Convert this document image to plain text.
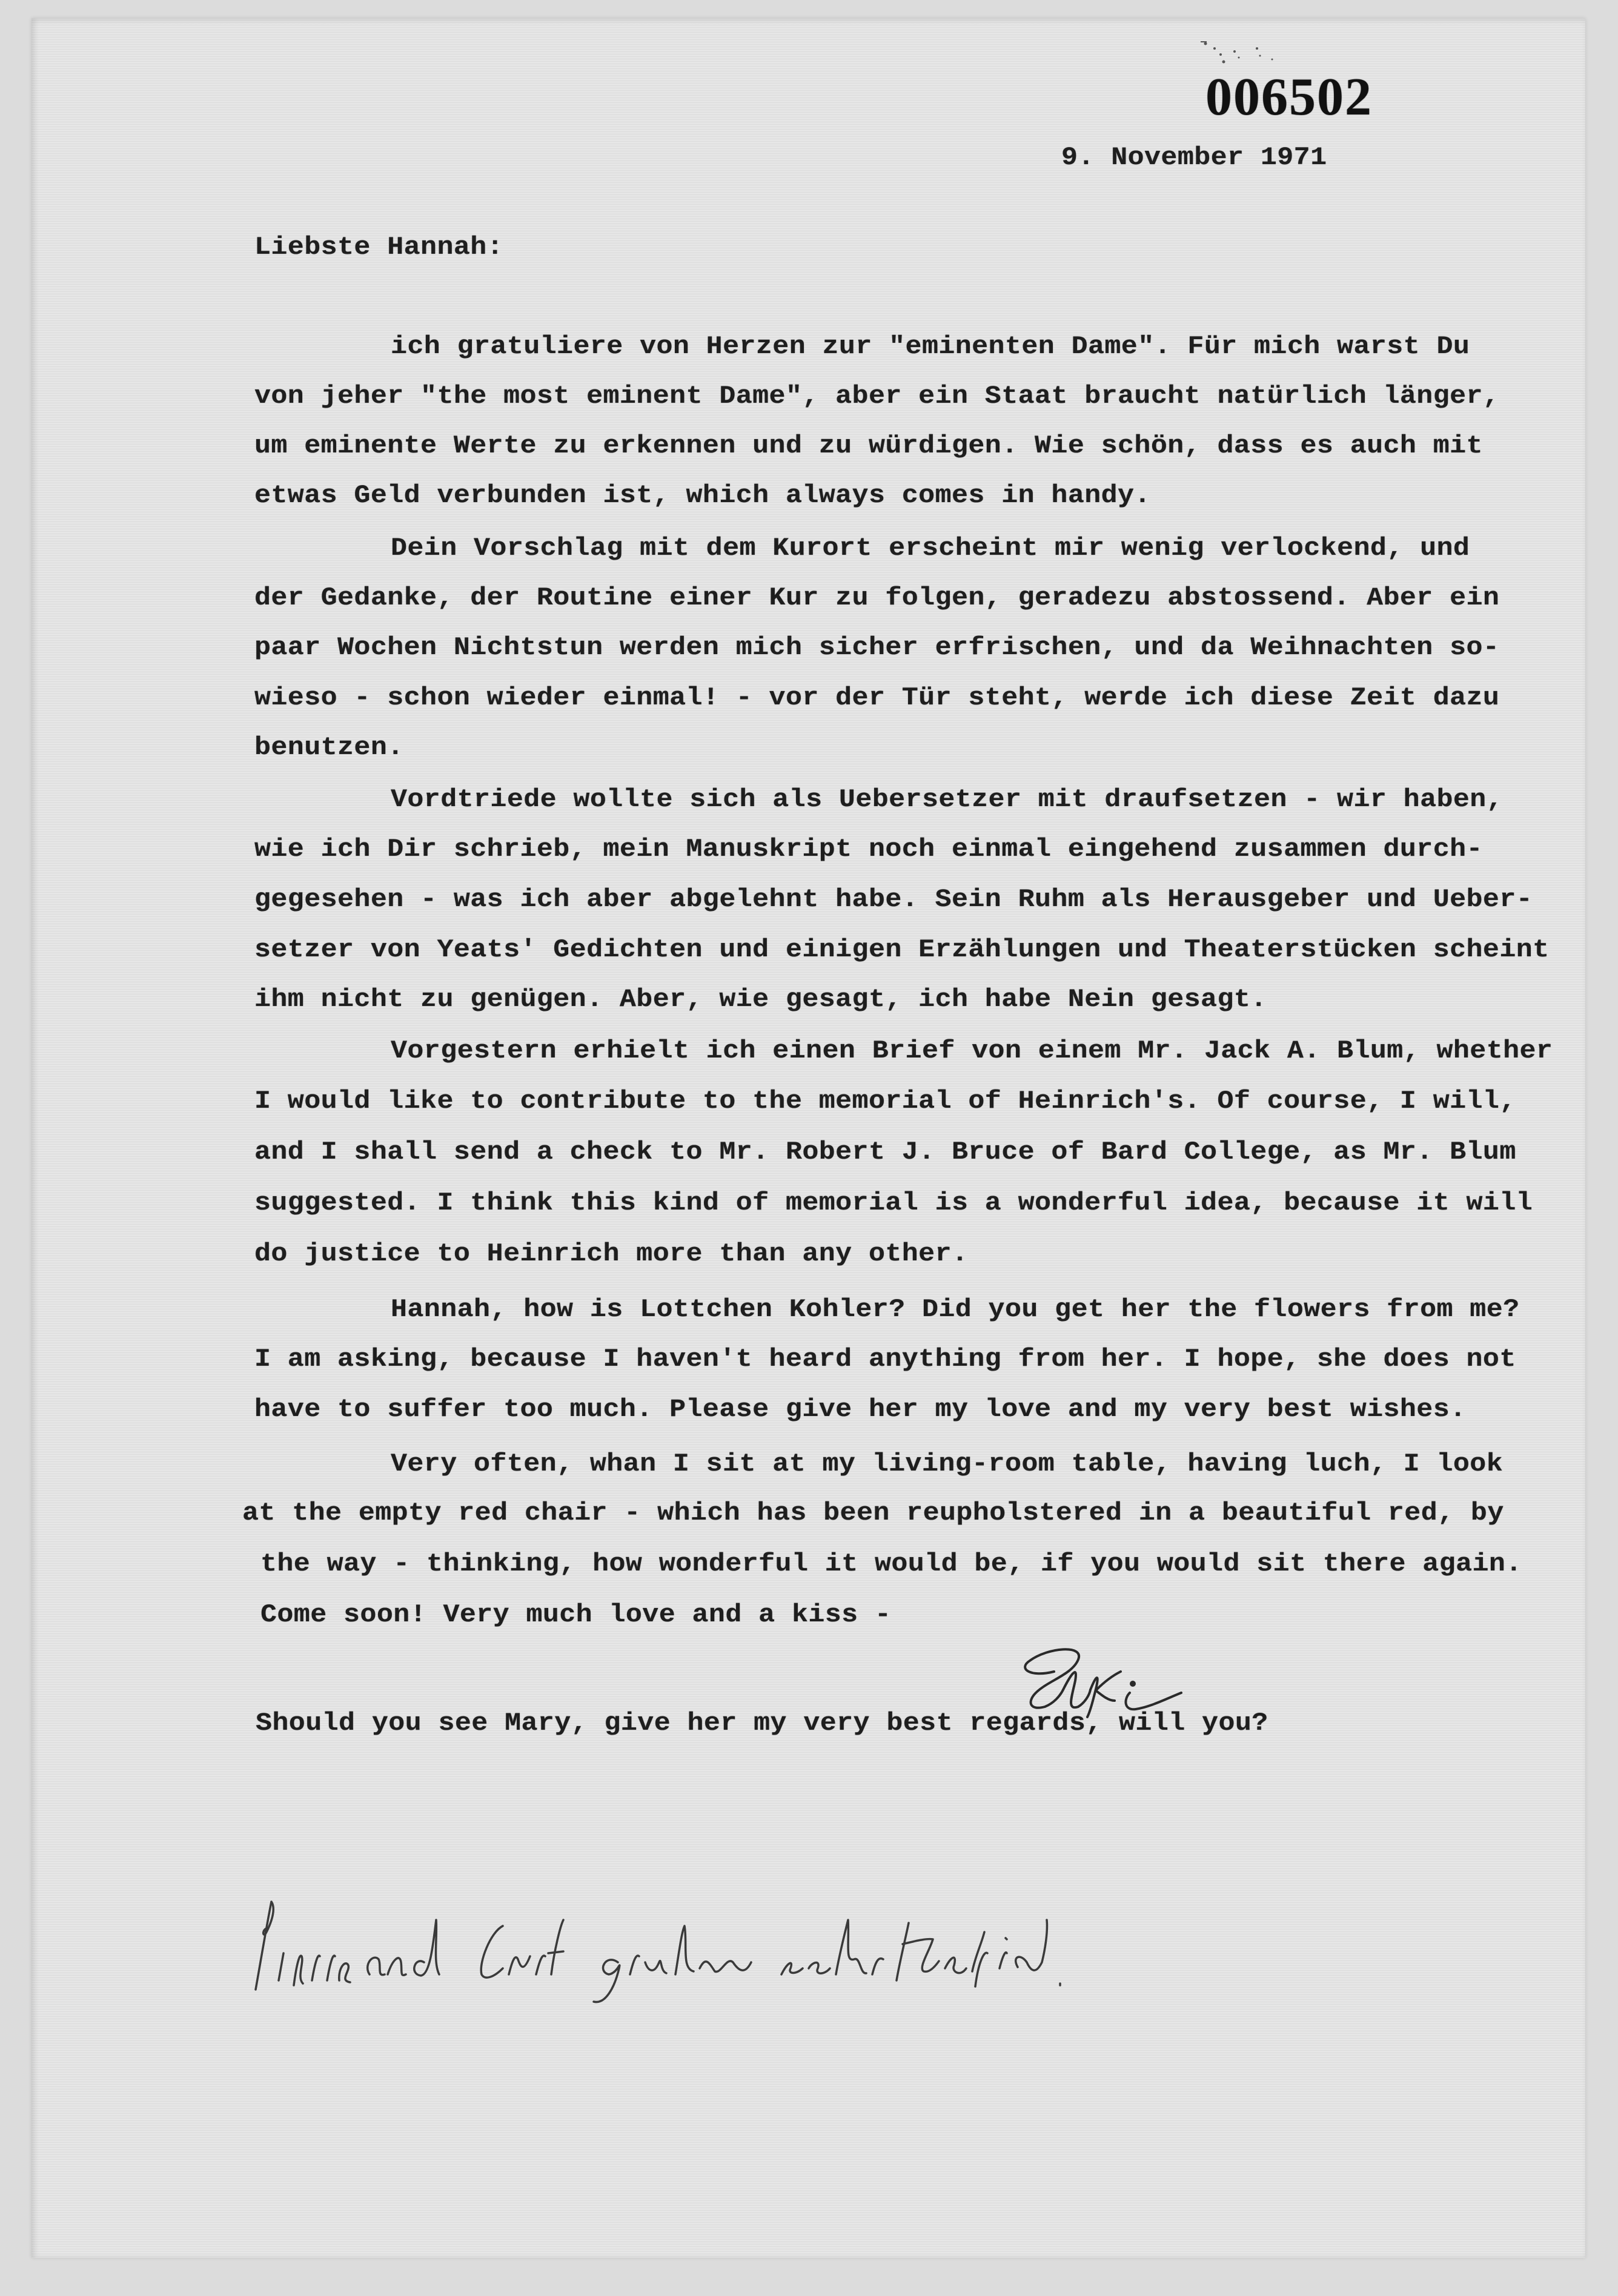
006502
9. November 1971
Liebste Hannah:
ich gratuliere von Herzen zur "eminenten Dame". Für mich warst Du
von jeher "the most eminent Dame", aber ein Staat braucht natürlich länger,
um eminente Werte zu erkennen und zu würdigen. Wie schön, dass es auch mit
etwas Geld verbunden ist, which always comes in handy.
Dein Vorschlag mit dem Kurort erscheint mir wenig verlockend, und
der Gedanke, der Routine einer Kur zu folgen, geradezu abstossend. Aber ein
paar Wochen Nichtstun werden mich sicher erfrischen, und da Weihnachten so-
wieso - schon wieder einmal! - vor der Tür steht, werde ich diese Zeit dazu
benutzen.
Vordtriede wollte sich als Uebersetzer mit draufsetzen - wir haben,
wie ich Dir schrieb, mein Manuskript noch einmal eingehend zusammen durch-
gegesehen - was ich aber abgelehnt habe. Sein Ruhm als Herausgeber und Ueber-
setzer von Yeats' Gedichten und einigen Erzählungen und Theaterstücken scheint
ihm nicht zu genügen. Aber, wie gesagt, ich habe Nein gesagt.
Vorgestern erhielt ich einen Brief von einem Mr. Jack A. Blum, whether
I would like to contribute to the memorial of Heinrich's. Of course, I will,
and I shall send a check to Mr. Robert J. Bruce of Bard College, as Mr. Blum
suggested. I think this kind of memorial is a wonderful idea, because it will
do justice to Heinrich more than any other.
Hannah, how is Lottchen Kohler? Did you get her the flowers from me?
I am asking, because I haven't heard anything from her. I hope, she does not
have to suffer too much. Please give her my love and my very best wishes.
Very often, whan I sit at my living-room table, having luch, I look
at the empty red chair - which has been reupholstered in a beautiful red, by
the way - thinking, how wonderful it would be, if you would sit there again.
Come soon! Very much love and a kiss -
Should you see Mary, give her my very best regards, will you?
